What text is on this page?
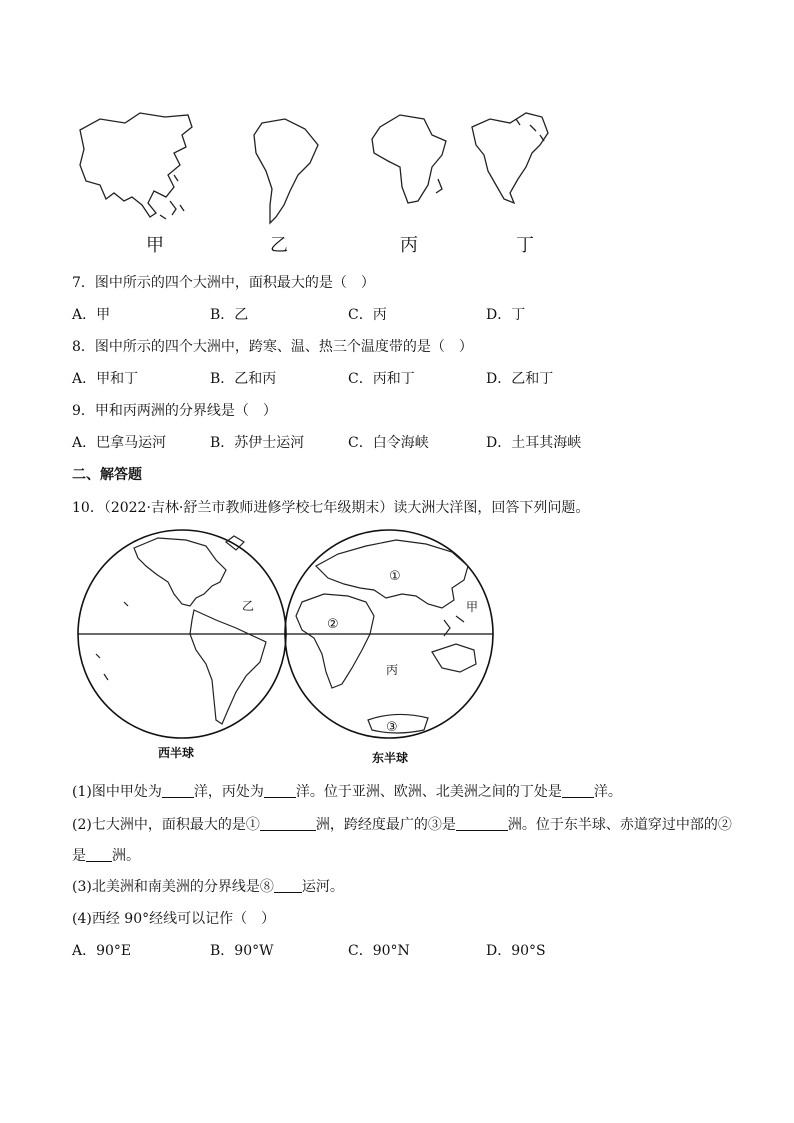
甲	乙	丙	丁
7．图中所示的四个大洲中，面积最大的是（　）
A．甲	B．乙	C．丙	D．丁
8．图中所示的四个大洲中，跨寒、温、热三个温度带的是（　）
A．甲和丁	B．乙和丙	C．丙和丁	D．乙和丁
9．甲和丙两洲的分界线是（　）
A．巴拿马运河	B．苏伊士运河	C．白令海峡	D．土耳其海峡
二、解答题
10．（2022·吉林·舒兰市教师进修学校七年级期末）读大洲大洋图，回答下列问题。
乙
①
②
③
甲
丙
西半球	东半球
(1)图中甲处为 洋，丙处为 洋。位于亚洲、欧洲、北美洲之间的丁处是 洋。
(2)七大洲中，面积最大的是①	洲，跨经度最广的③是	洲。位于东半球、赤道穿过中部的②
是 洲。
(3)北美洲和南美洲的分界线是⑧ 运河。
(4)西经 90°经线可以记作（　）
A．90°E	B．90°W	C．90°N	D．90°S
